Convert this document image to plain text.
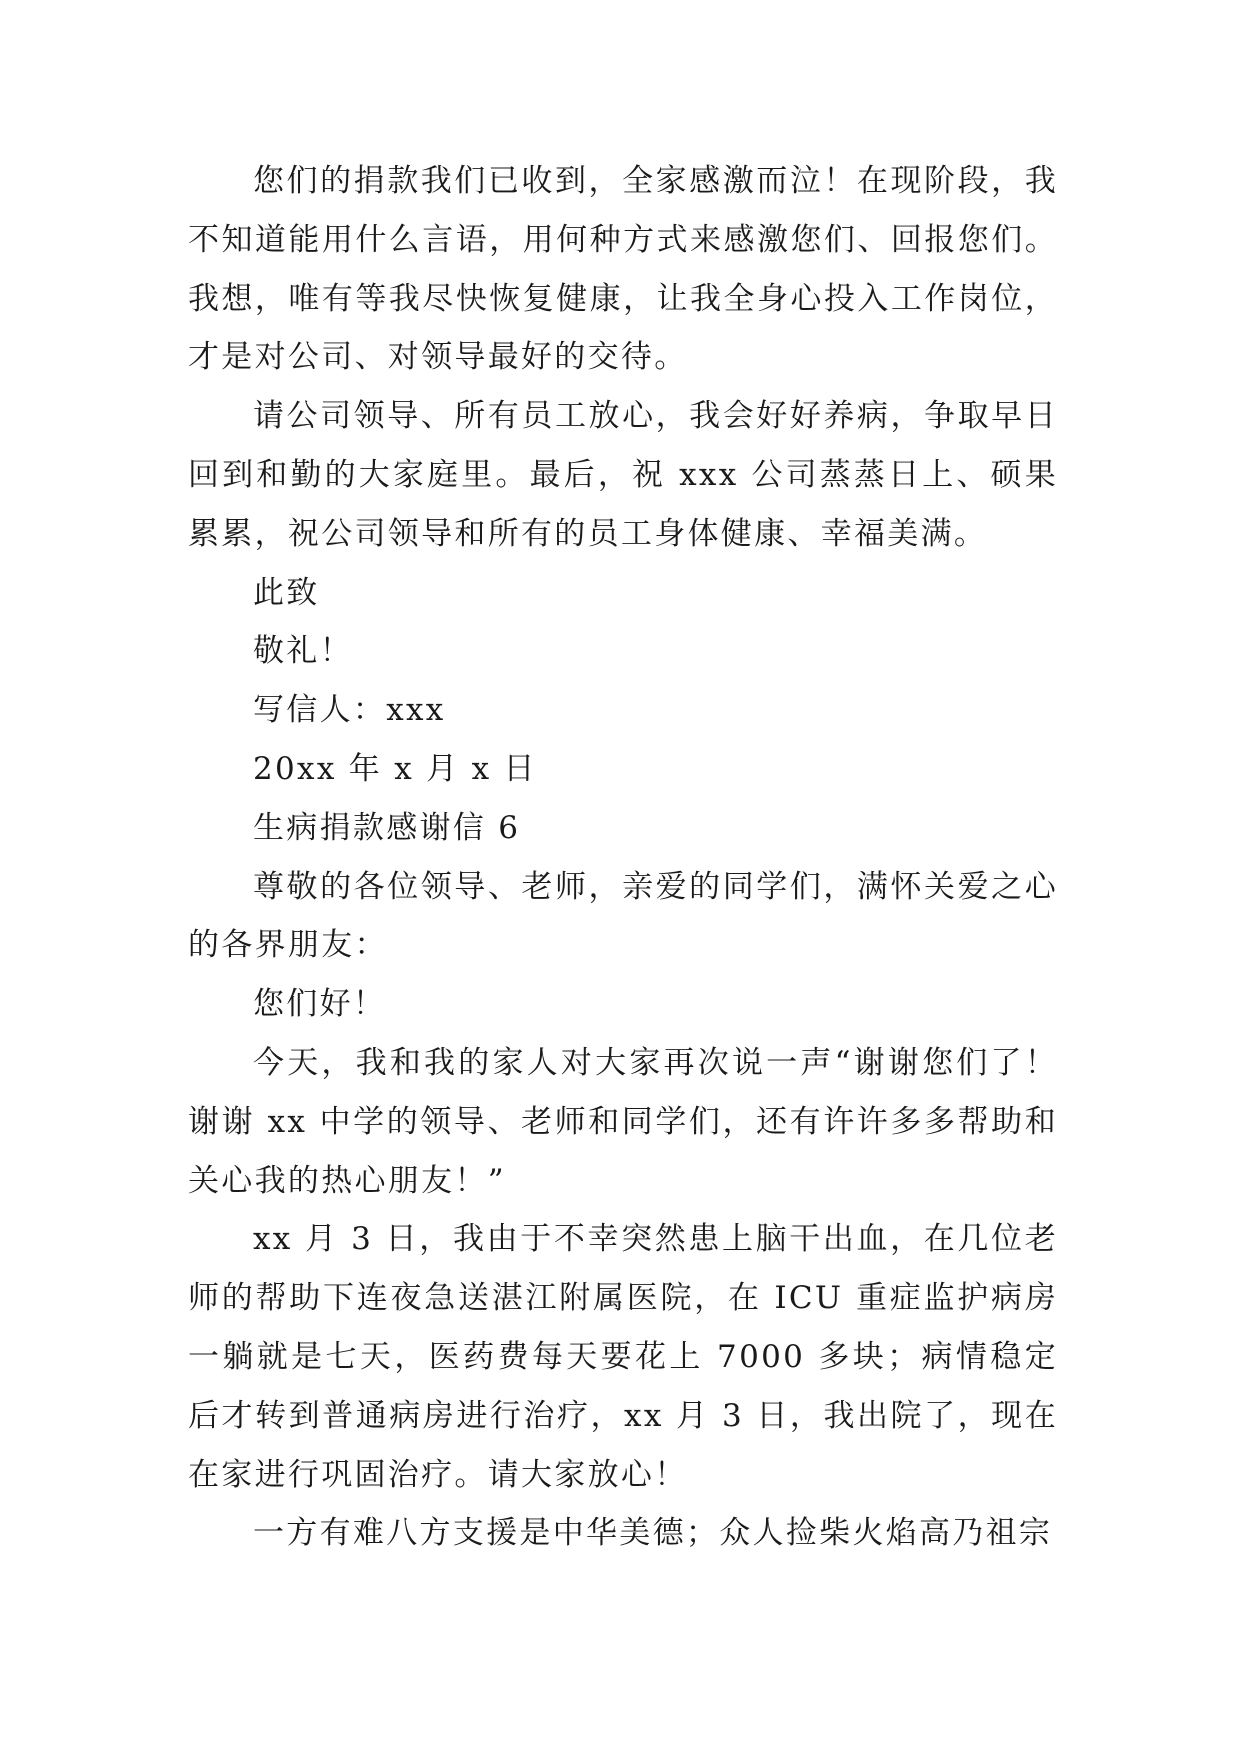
您们的捐款我们已收到，全家感激而泣！在现阶段，我不知道能用什么言语，用何种方式来感激您们、回报您们。我想，唯有等我尽快恢复健康，让我全身心投入工作岗位，才是对公司、对领导最好的交待。

请公司领导、所有员工放心，我会好好养病，争取早日回到和勤的大家庭里。最后，祝 xxx 公司蒸蒸日上、硕果累累，祝公司领导和所有的员工身体健康、幸福美满。

此致

敬礼！

写信人：xxx

20xx 年 x 月 x 日

生病捐款感谢信 6

尊敬的各位领导、老师，亲爱的同学们，满怀关爱之心的各界朋友：

您们好！

今天，我和我的家人对大家再次说一声“谢谢您们了！谢谢 xx 中学的领导、老师和同学们，还有许许多多帮助和关心我的热心朋友！”

xx 月 3 日，我由于不幸突然患上脑干出血，在几位老师的帮助下连夜急送湛江附属医院，在 ICU 重症监护病房一躺就是七天，医药费每天要花上 7000 多块；病情稳定后才转到普通病房进行治疗，xx 月 3 日，我出院了，现在在家进行巩固治疗。请大家放心！

一方有难八方支援是中华美德；众人捡柴火焰高乃祖宗
